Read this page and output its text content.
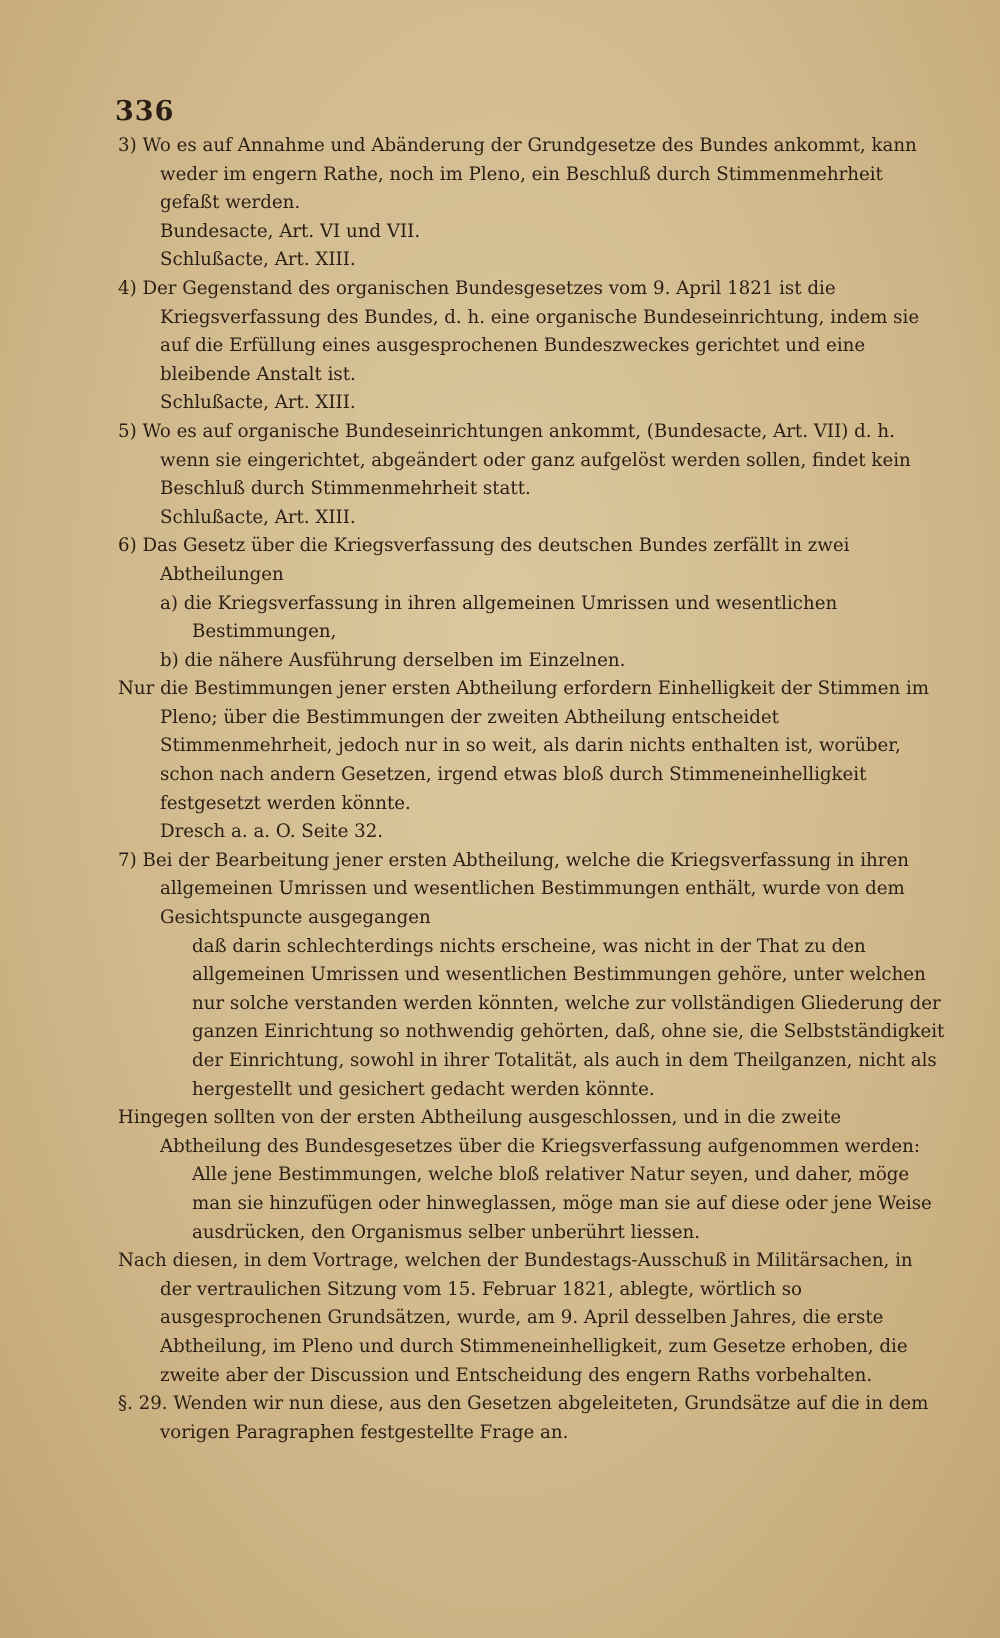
336

3) Wo es auf Annahme und Abänderung der Grundgesetze des Bundes ankommt, kann weder im engern Rathe, noch im Pleno, ein Beschluß durch Stimmenmehrheit gefaßt werden.

Bundesacte, Art. VI und VII.

Schlußacte, Art. XIII.

4) Der Gegenstand des organischen Bundesgesetzes vom 9. April 1821 ist die Kriegsverfassung des Bundes, d. h. eine organische Bundeseinrichtung, indem sie auf die Erfüllung eines ausgesprochenen Bundeszweckes gerichtet und eine bleibende Anstalt ist.

Schlußacte, Art. XIII.

5) Wo es auf organische Bundeseinrichtungen ankommt, (Bundesacte, Art. VII) d. h. wenn sie eingerichtet, abgeändert oder ganz aufgelöst werden sollen, findet kein Beschluß durch Stimmenmehrheit statt.

Schlußacte, Art. XIII.

6) Das Gesetz über die Kriegsverfassung des deutschen Bundes zerfällt in zwei Abtheilungen

a) die Kriegsverfassung in ihren allgemeinen Umrissen und wesentlichen

Bestimmungen,

b) die nähere Ausführung derselben im Einzelnen.

Nur die Bestimmungen jener ersten Abtheilung erfordern Einhelligkeit der Stimmen im Pleno; über die Bestimmungen der zweiten Abtheilung entscheidet Stimmenmehrheit, jedoch nur in so weit, als darin nichts enthalten ist, worüber, schon nach andern Gesetzen, irgend etwas bloß durch Stimmeneinhelligkeit festgesetzt werden könnte.

Dresch a. a. O. Seite 32.

7) Bei der Bearbeitung jener ersten Abtheilung, welche die Kriegsverfassung in ihren allgemeinen Umrissen und wesentlichen Bestimmungen enthält, wurde von dem Gesichtspuncte ausgegangen

daß darin schlechterdings nichts erscheine, was nicht in der That zu den allgemeinen Umrissen und wesentlichen Bestimmungen gehöre, unter welchen nur solche verstanden werden könnten, welche zur vollständigen Gliederung der ganzen Einrichtung so nothwendig gehörten, daß, ohne sie, die Selbstständigkeit der Einrichtung, sowohl in ihrer Totalität, als auch in dem Theilganzen, nicht als hergestellt und gesichert gedacht werden könnte.

Hingegen sollten von der ersten Abtheilung ausgeschlossen, und in die zweite Abtheilung des Bundesgesetzes über die Kriegsverfassung aufgenommen werden:

Alle jene Bestimmungen, welche bloß relativer Natur seyen, und daher, möge man sie hinzufügen oder hinweglassen, möge man sie auf diese oder jene Weise ausdrücken, den Organismus selber unberührt liessen.

Nach diesen, in dem Vortrage, welchen der Bundestags-Ausschuß in Militärsachen, in der vertraulichen Sitzung vom 15. Februar 1821, ablegte, wörtlich so ausgesprochenen Grundsätzen, wurde, am 9. April desselben Jahres, die erste Abtheilung, im Pleno und durch Stimmeneinhelligkeit, zum Gesetze erhoben, die zweite aber der Discussion und Entscheidung des engern Raths vorbehalten.

§. 29. Wenden wir nun diese, aus den Gesetzen abgeleiteten, Grundsätze auf die in dem vorigen Paragraphen festgestellte Frage an.
